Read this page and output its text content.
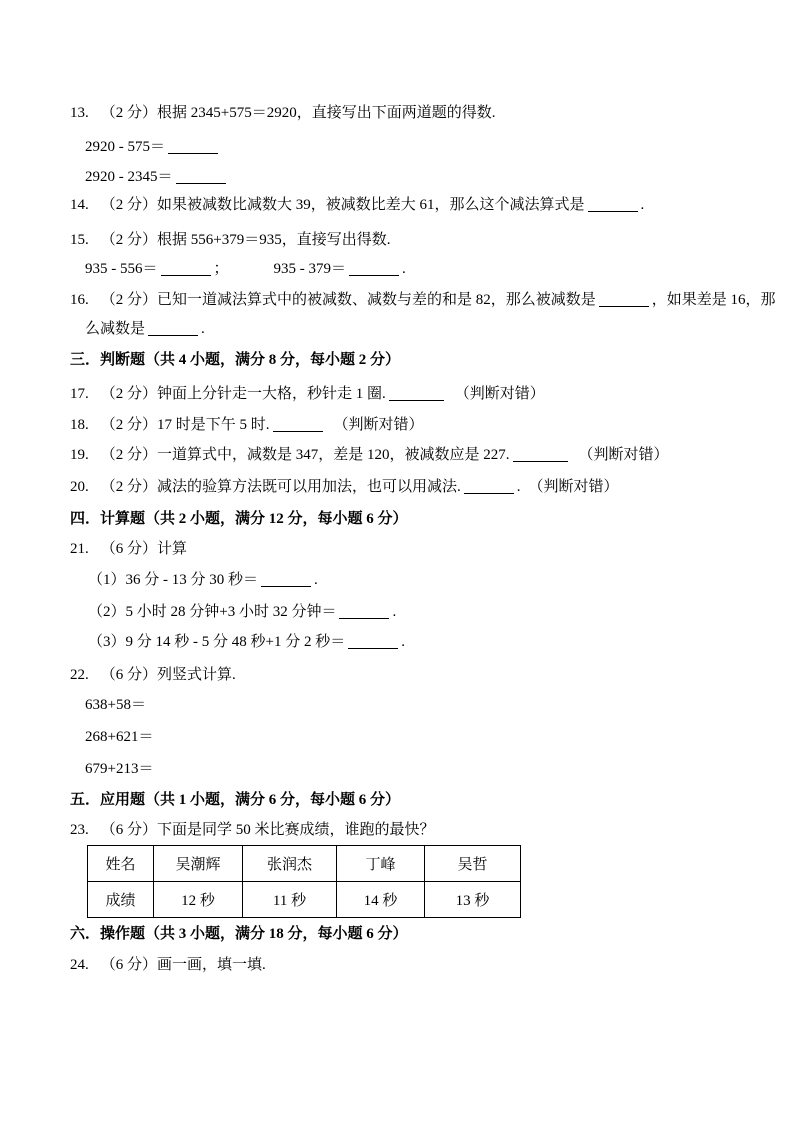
13. （2 分）根据 2345+575＝2920，直接写出下面两道题的得数.
2920 - 575＝
2920 - 2345＝
14. （2 分）如果被减数比减数大 39，被减数比差大 61，那么这个减法算式是	.
15. （2 分）根据 556+379＝935，直接写出得数.
935 - 556＝	；	935 - 379＝	.
16. （2 分）已知一道减法算式中的被减数、减数与差的和是 82，那么被减数是	，如果差是 16，那
么减数是	.
三．判断题（共 4 小题，满分 8 分，每小题 2 分）
17. （2 分）钟面上分针走一大格，秒针走 1 圈.	（判断对错）
18. （2 分）17 时是下午 5 时.	（判断对错）
19. （2 分）一道算式中，减数是 347，差是 120，被减数应是 227.	（判断对错）
20. （2 分）减法的验算方法既可以用加法，也可以用减法.	. （判断对错）
四．计算题（共 2 小题，满分 12 分，每小题 6 分）
21. （6 分）计算
（1）36 分 - 13 分 30 秒＝	.
（2）5 小时 28 分钟+3 小时 32 分钟＝	.
（3）9 分 14 秒 - 5 分 48 秒+1 分 2 秒＝	.
22. （6 分）列竖式计算.
638+58＝
268+621＝
679+213＝
五．应用题（共 1 小题，满分 6 分，每小题 6 分）
23. （6 分）下面是同学 50 米比赛成绩，谁跑的最快？
姓名	吴潮辉	张润杰	丁峰	吴哲
成绩	12 秒	11 秒	14 秒	13 秒
六．操作题（共 3 小题，满分 18 分，每小题 6 分）
24. （6 分）画一画，填一填.
